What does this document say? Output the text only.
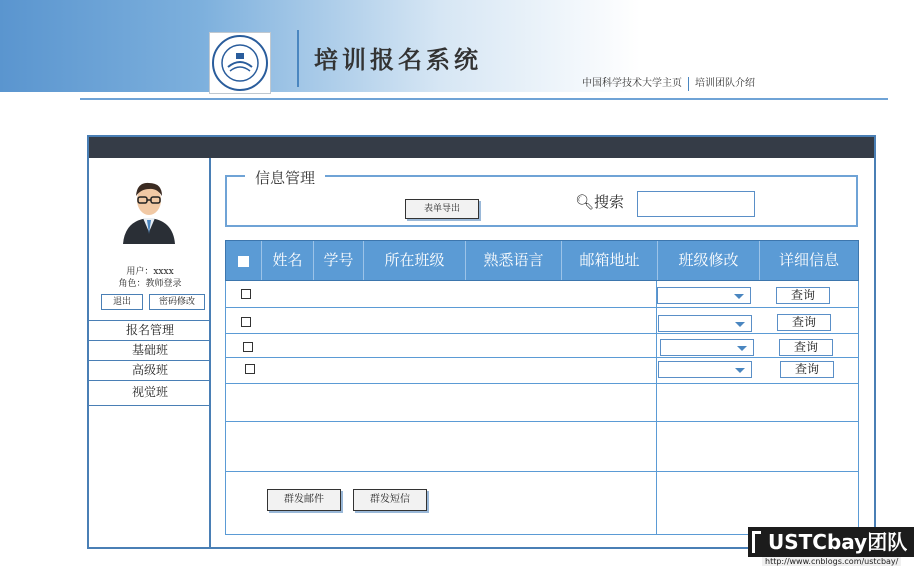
培训报名系统
中国科学技术大学主页 培训团队介绍
用户：xxxx
角色：教师登录
退出	密码修改
报名管理
基础班
高级班
视觉班
信息管理
表单导出	🔍︎搜索
姓名	学号	所在班级	熟悉语言	邮箱地址	班级修改	详细信息
查询
查询
查询
查询
群发邮件	群发短信
USTCbay团队
http://www.cnblogs.com/ustcbay/
